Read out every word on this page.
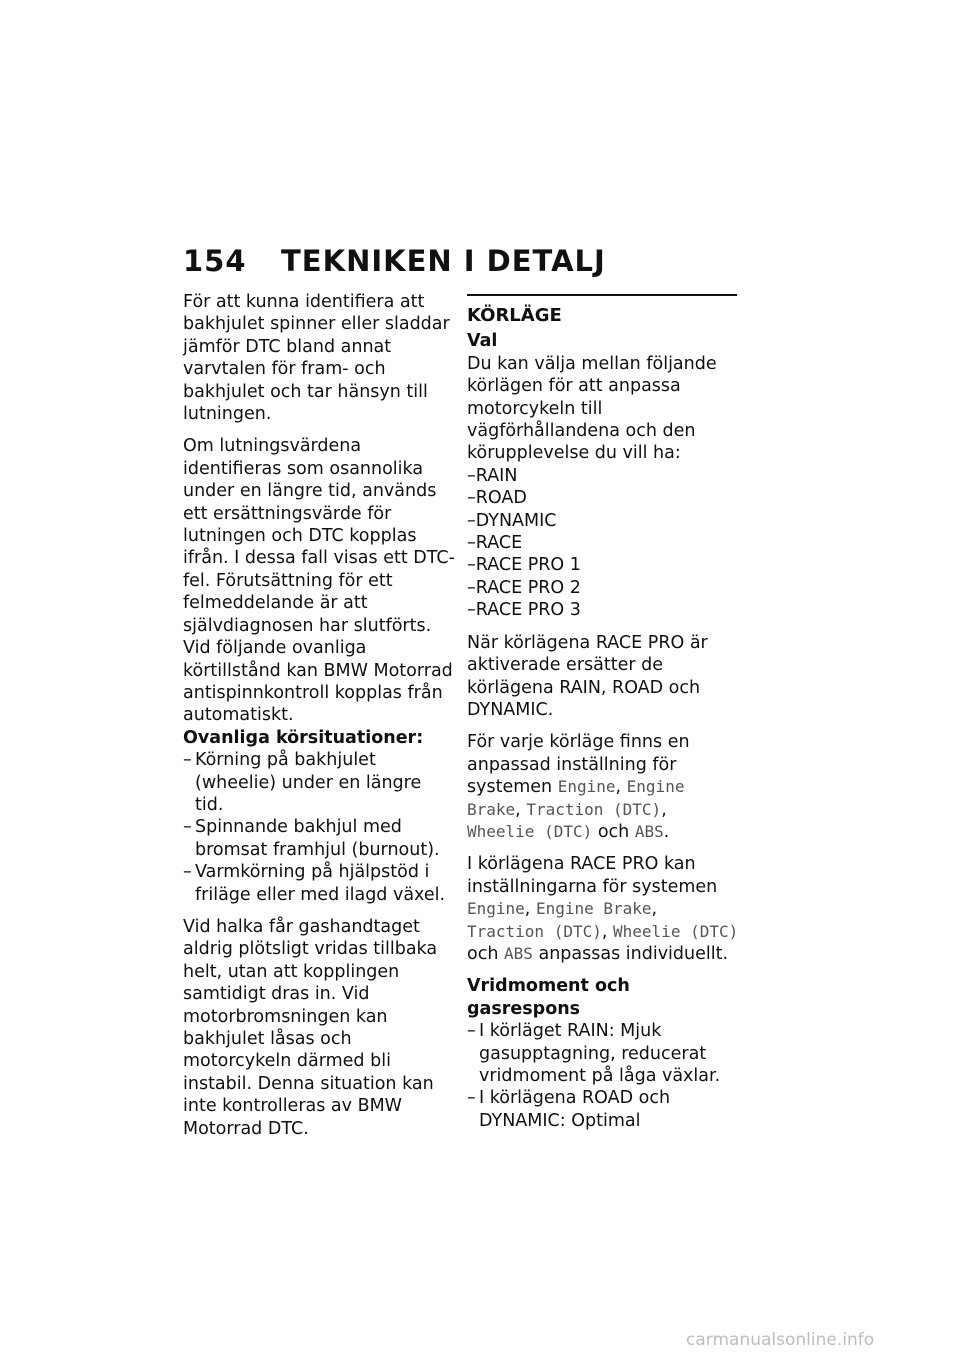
154 TEKNIKEN I DETALJ

För att kunna identifiera att bakhjulet spinner eller sladdar jämför DTC bland annat varvtalen för fram- och bakhjulet och tar hänsyn till lutningen.

Om lutningsvärdena identifieras som osannolika under en längre tid, används ett ersättningsvärde för lutningen och DTC kopplas ifrån. I dessa fall visas ett DTC-fel. Förutsättning för ett felmeddelande är att självdiagnosen har slutförts.

Vid följande ovanliga körtillstånd kan BMW Motorrad antispinnkontroll kopplas från automatiskt.

Ovanliga körsituationer:

– Körning på bakhjulet (wheelie) under en längre tid.
– Spinnande bakhjul med bromsat framhjul (burnout).
– Varmkörning på hjälpstöd i friläge eller med ilagd växel.

Vid halka får gashandtaget aldrig plötsligt vridas tillbaka helt, utan att kopplingen samtidigt dras in. Vid motorbromsningen kan bakhjulet låsas och motorcykeln därmed bli instabil. Denna situation kan inte kontrolleras av BMW Motorrad DTC.

KÖRLÄGE

Val

Du kan välja mellan följande körlägen för att anpassa motorcykeln till vägförhållandena och den körupplevelse du vill ha:

–RAIN
–ROAD
–DYNAMIC
–RACE
–RACE PRO 1
–RACE PRO 2
–RACE PRO 3

När körlägena RACE PRO är aktiverade ersätter de körlägena RAIN, ROAD och DYNAMIC.

För varje körläge finns en anpassad inställning för systemen Engine, Engine Brake, Traction (DTC), Wheelie (DTC) och ABS.

I körlägena RACE PRO kan inställningarna för systemen Engine, Engine Brake, Traction (DTC), Wheelie (DTC) och ABS anpassas individuellt.

Vridmoment och gasrespons

– I körläget RAIN: Mjuk gasupptagning, reducerat vridmoment på låga växlar.
– I körlägena ROAD och DYNAMIC: Optimal
carmanualsonline.info
